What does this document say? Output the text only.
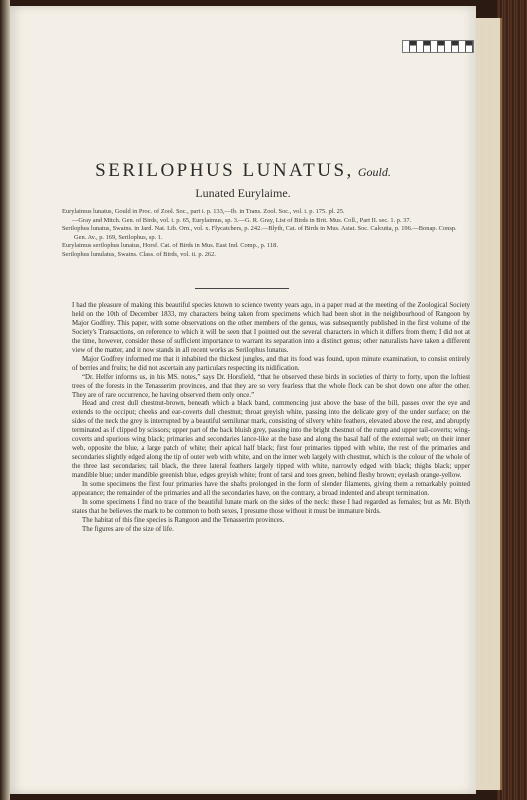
SERILOPHUS LUNATUS, Gould.
Lunated Eurylaime.

Eurylaimus lunatus, Gould in Proc. of Zool. Soc., part i. p. 133,—Ib. in Trans. Zool. Soc., vol. i. p. 175. pl. 25.

—Gray and Mitch. Gen. of Birds, vol. i. p. 65, Eurylaimus, sp. 3.—G. R. Gray, List of Birds in Brit. Mus. Coll., Part II. sec. 1. p. 37.

Serilophus lunatus, Swains. in Jard. Nat. Lib. Orn., vol. x. Flycatchers, p. 242.—Blyth, Cat. of Birds in Mus. Asiat. Soc. Calcutta, p. 196.—Bonap. Consp. Gen. Av., p. 169, Serilophus, sp. 1.

Eurylaimus serilophus lunatus, Horsf. Cat. of Birds in Mus. East Ind. Comp., p. 118.

Serilophus lunulatus, Swains. Class. of Birds, vol. ii. p. 262.

I had the pleasure of making this beautiful species known to science twenty years ago, in a paper read at the meeting of the Zoological Society held on the 10th of December 1833, my characters being taken from specimens which had been shot in the neighbourhood of Rangoon by Major Godfrey. This paper, with some observations on the other members of the genus, was subsequently published in the first volume of the Society's Transactions, on reference to which it will be seen that I pointed out the several characters in which it differs from them; I did not at the time, however, consider these of sufficient importance to warrant its separation into a distinct genus; other naturalists have taken a different view of the matter, and it now stands in all recent works as Serilophus lunatus.

Major Godfrey informed me that it inhabited the thickest jungles, and that its food was found, upon minute examination, to consist entirely of berries and fruits; he did not ascertain any particulars respecting its nidification.

“Dr. Helfer informs us, in his MS. notes,” says Dr. Horsfield, “that he observed these birds in societies of thirty to forty, upon the loftiest trees of the forests in the Tenasserim provinces, and that they are so very fearless that the whole flock can be shot down one after the other. They are of rare occurrence, he having observed them only once.”

Head and crest dull chestnut-brown, beneath which a black band, commencing just above the base of the bill, passes over the eye and extends to the occiput; cheeks and ear-coverts dull chestnut; throat greyish white, passing into the delicate grey of the under surface; on the sides of the neck the grey is interrupted by a beautiful semilunar mark, consisting of silvery white feathers, elevated above the rest, and abruptly terminated as if clipped by scissors; upper part of the back bluish grey, passing into the bright chestnut of the rump and upper tail-coverts; wing-coverts and spurious wing black; primaries and secondaries lance-like at the base and along the basal half of the external web; on their inner web, opposite the blue, a large patch of white; their apical half black; first four primaries tipped with white, the rest of the primaries and secondaries slightly edged along the tip of outer web with white, and on the inner web largely with chestnut, which is the colour of the whole of the three last secondaries; tail black, the three lateral feathers largely tipped with white, narrowly edged with black; thighs black; upper mandible blue; under mandible greenish blue, edges greyish white; front of tarsi and toes green, behind fleshy brown; eyelash orange-yellow.

In some specimens the first four primaries have the shafts prolonged in the form of slender filaments, giving them a remarkably pointed appearance; the remainder of the primaries and all the secondaries have, on the contrary, a broad indented and abrupt termination.

In some specimens I find no trace of the beautiful lunate mark on the sides of the neck: these I had regarded as females; but as Mr. Blyth states that he believes the mark to be common to both sexes, I presume those without it must be immature birds.

The habitat of this fine species is Rangoon and the Tenasserim provinces.

The figures are of the size of life.
